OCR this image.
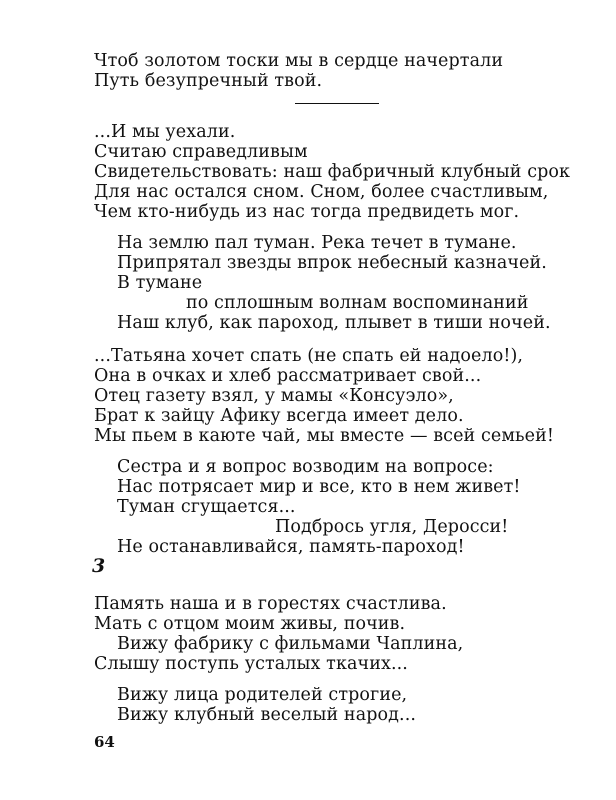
Чтоб золотом тоски мы в сердце начертали
Путь безупречный твой.
...И мы уехали.
Считаю справедливым
Свидетельствовать: наш фабричный клубный срок
Для нас остался сном. Сном, более счастливым,
Чем кто-нибудь из нас тогда предвидеть мог.
На землю пал туман. Река течет в тумане.
Припрятал звезды впрок небесный казначей.
В тумане
по сплошным волнам воспоминаний
Наш клуб, как пароход, плывет в тиши ночей.
...Татьяна хочет спать (не спать ей надоело!),
Она в очках и хлеб рассматривает свой...
Отец газету взял, у мамы «Консуэло»,
Брат к зайцу Афику всегда имеет дело.
Мы пьем в каюте чай, мы вместе — всей семьей!
Сестра и я вопрос возводим на вопросе:
Нас потрясает мир и все, кто в нем живет!
Туман сгущается...
Подбрось угля, Деросси!
Не останавливайся, память-пароход!
3
Память наша и в горестях счастлива.
Мать с отцом моим живы, почив.
Вижу фабрику с фильмами Чаплина,
Слышу поступь усталых ткачих...
Вижу лица родителей строгие,
Вижу клубный веселый народ...
64
